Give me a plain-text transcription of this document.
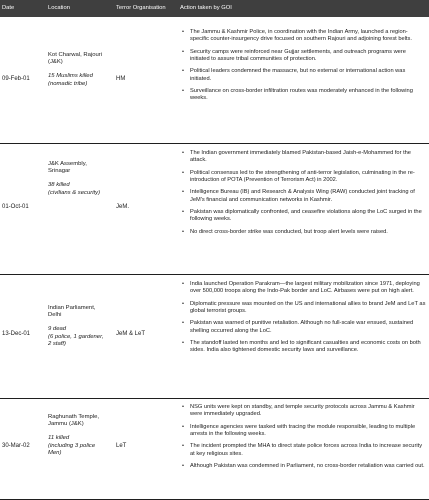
Date	Location	Terror Organisation Action taken by GOI
09-Feb-01
Kot Charwal, Rajouri
(J&K)
15 Muslims killed
(nomadic tribe)
HM
• The Jammu & Kashmir Police, in coordination with the Indian Army, launched a region-specific counter-insurgency drive focused on southern Rajouri and adjoining forest belts.
• Security camps were reinforced near Gujjar settlements, and outreach programs were initiated to assure tribal communities of protection.
• Political leaders condemned the massacre, but no external or international action was initiated.
• Surveillance on cross-border infiltration routes was moderately enhanced in the following weeks.
01-Oct-01
J&K Assembly,
Srinagar
38 killed
(civilians & security)
JeM.
• The Indian government immediately blamed Pakistan-based Jaish-e-Mohammed for the attack.
• Political consensus led to the strengthening of anti-terror legislation, culminating in the re-introduction of POTA (Prevention of Terrorism Act) in 2002.
• Intelligence Bureau (IB) and Research & Analysis Wing (RAW) conducted joint tracking of JeM's financial and communication networks in Kashmir.
• Pakistan was diplomatically confronted, and ceasefire violations along the LoC surged in the following weeks.
• No direct cross-border strike was conducted, but troop alert levels were raised.
13-Dec-01
Indian Parliament,
Delhi
9 dead
(6 police, 1 gardener,
2 staff)
JeM & LeT
• India launched Operation Parakram—the largest military mobilization since 1971, deploying over 500,000 troops along the Indo-Pak border and LoC. Airbases were put on high alert.
• Diplomatic pressure was mounted on the US and international allies to brand JeM and LeT as global terrorist groups.
• Pakistan was warned of punitive retaliation. Although no full-scale war ensued, sustained shelling occurred along the LoC.
• The standoff lasted ten months and led to significant casualties and economic costs on both sides. India also tightened domestic security laws and surveillance.
30-Mar-02
Raghunath Temple,
Jammu (J&K)
11 killed
(including 3 police
Men)
LeT
• NSG units were kept on standby, and temple security protocols across Jammu & Kashmir were immediately upgraded.
• Intelligence agencies were tasked with tracing the module responsible, leading to multiple arrests in the following weeks.
• The incident prompted the MHA to direct state police forces across India to increase security at key religious sites.
• Although Pakistan was condemned in Parliament, no cross-border retaliation was carried out.
